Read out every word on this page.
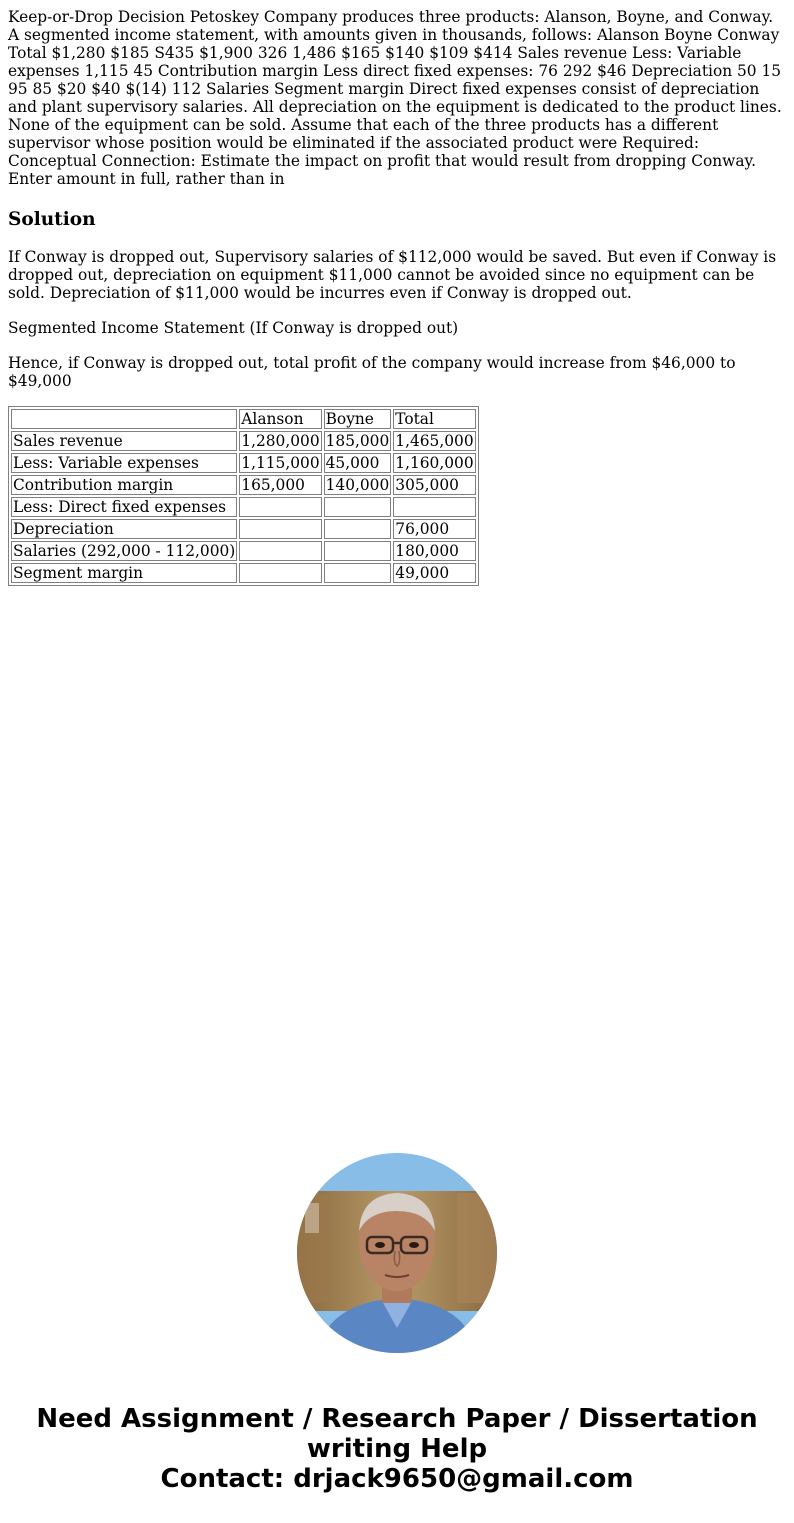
Keep-or-Drop Decision Petoskey Company produces three products: Alanson, Boyne, and Conway. A segmented income statement, with amounts given in thousands, follows: Alanson Boyne Conway Total $1,280 $185 S435 $1,900 326 1,486 $165 $140 $109 $414 Sales revenue Less: Variable expenses 1,115 45 Contribution margin Less direct fixed expenses: 76 292 $46 Depreciation 50 15 95 85 $20 $40 $(14) 112 Salaries Segment margin Direct fixed expenses consist of depreciation and plant supervisory salaries. All depreciation on the equipment is dedicated to the product lines. None of the equipment can be sold. Assume that each of the three products has a different supervisor whose position would be eliminated if the associated product were Required: Conceptual Connection: Estimate the impact on profit that would result from dropping Conway. Enter amount in full, rather than in

Solution

If Conway is dropped out, Supervisory salaries of $112,000 would be saved. But even if Conway is dropped out, depreciation on equipment $11,000 cannot be avoided since no equipment can be sold. Depreciation of $11,000 would be incurres even if Conway is dropped out.

Segmented Income Statement (If Conway is dropped out)

Hence, if Conway is dropped out, total profit of the company would increase from $46,000 to $49,000

	Alanson	Boyne	Total
Sales revenue	1,280,000	185,000	1,465,000
Less: Variable expenses	1,115,000	45,000	1,160,000
Contribution margin	165,000	140,000	305,000
Less: Direct fixed expenses			
Depreciation			76,000
Salaries (292,000 - 112,000)			180,000
Segment margin			49,000
Need Assignment / Research Paper / Dissertation
writing Help
Contact: drjack9650@gmail.com
